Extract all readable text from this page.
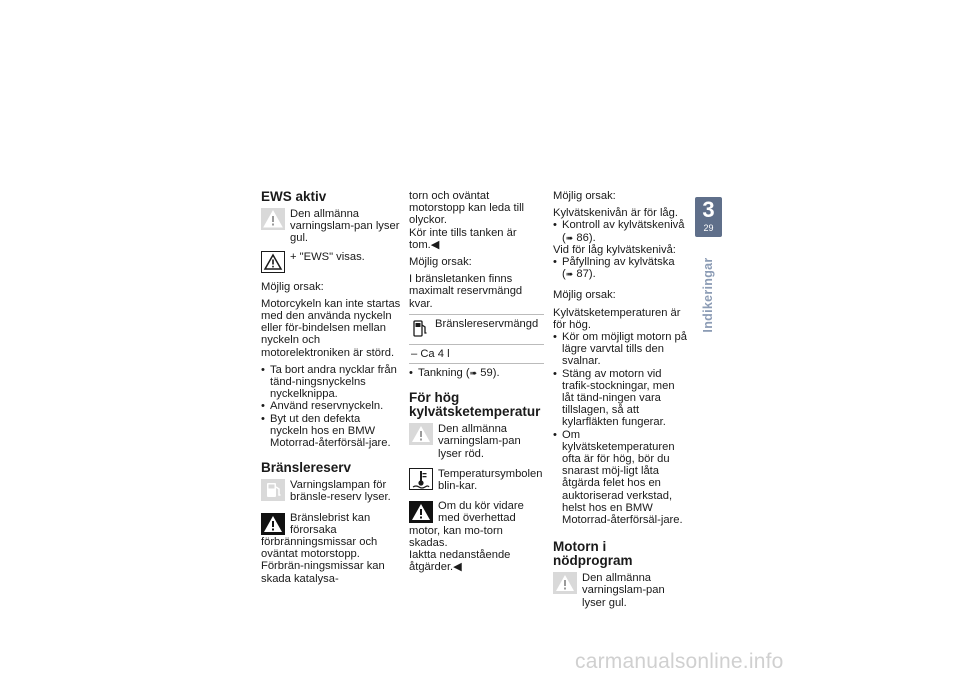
EWS aktiv

Den allmänna varningslam-pan lyser gul.

+ "EWS" visas.

Möjlig orsak:

Motorcykeln kan inte startas med den använda nyckeln eller för-bindelsen mellan nyckeln och motorelektroniken är störd.

• Ta bort andra nycklar från tänd-ningsnyckelns nyckelknippa.
• Använd reservnyckeln.
• Byt ut den defekta nyckeln hos en BMW Motorrad-återförsäl-jare.
Bränslereserv

Varningslampan för bränsle-reserv lyser.

Bränslebrist kan förorsaka förbränningsmissar och oväntat motorstopp. Förbrän-ningsmissar kan skada katalysa-

torn och oväntat motorstopp kan leda till olyckor.

Kör inte tills tanken är tom.◀

Möjlig orsak:

I bränsletanken finns maximalt reservmängd kvar.

Bränslereservmängd
‒ Ca 4 l
• Tankning (➠ 59).
För hög kylvätsketemperatur

Den allmänna varningslam-pan lyser röd.

Temperatursymbolen blin-kar.

Om du kör vidare med överhettad motor, kan mo-torn skadas.

Iaktta nedanstående åtgärder.◀

Möjlig orsak:

Kylvätskenivån är för låg.

• Kontroll av kylvätskenivå
(➠ 86).

Vid för låg kylvätskenivå:

• Påfyllning av kylvätska (➠ 87).

Möjlig orsak:

Kylvätsketemperaturen är för hög.

• Kör om möjligt motorn på lägre varvtal tills den svalnar.
• Stäng av motorn vid trafik-stockningar, men låt tänd-ningen vara tillslagen, så att kylarfläkten fungerar.
• Om kylvätsketemperaturen ofta är för hög, bör du snarast möj-ligt låta åtgärda felet hos en auktoriserad verkstad, helst hos en BMW Motorrad-återförsäl-jare.
Motorn i nödprogram

Den allmänna varningslam-pan lyser gul.

3
29
Indikeringar
carmanualsonline.info
